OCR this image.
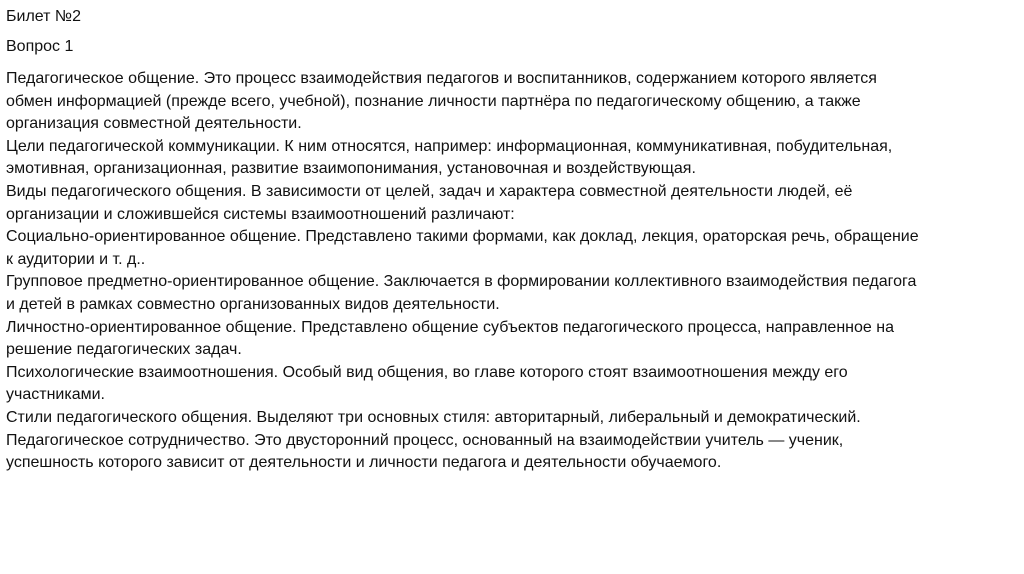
Билет №2

Вопрос 1

Педагогическое общение. Это процесс взаимодействия педагогов и воспитанников, содержанием которого является

обмен информацией (прежде всего, учебной), познание личности партнёра по педагогическому общению, а также

организация совместной деятельности.

Цели педагогической коммуникации. К ним относятся, например: информационная, коммуникативная, побудительная,

эмотивная, организационная, развитие взаимопонимания, установочная и воздействующая.

Виды педагогического общения. В зависимости от целей, задач и характера совместной деятельности людей, её

организации и сложившейся системы взаимоотношений различают:

Социально-ориентированное общение. Представлено такими формами, как доклад, лекция, ораторская речь, обращение

к аудитории и т. д..

Групповое предметно-ориентированное общение. Заключается в формировании коллективного взаимодействия педагога

и детей в рамках совместно организованных видов деятельности.

Личностно-ориентированное общение. Представлено общение субъектов педагогического процесса, направленное на

решение педагогических задач.

Психологические взаимоотношения. Особый вид общения, во главе которого стоят взаимоотношения между его

участниками.

Стили педагогического общения. Выделяют три основных стиля: авторитарный, либеральный и демократический.

Педагогическое сотрудничество. Это двусторонний процесс, основанный на взаимодействии учитель — ученик,

успешность которого зависит от деятельности и личности педагога и деятельности обучаемого.
